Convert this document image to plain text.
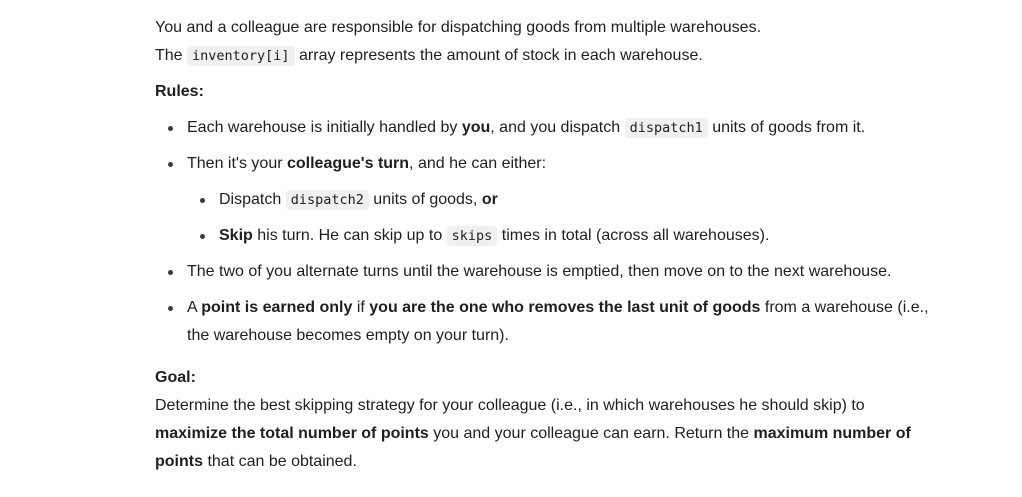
You and a colleague are responsible for dispatching goods from multiple warehouses.

The inventory[i] array represents the amount of stock in each warehouse.

Rules:

Each warehouse is initially handled by you, and you dispatch dispatch1 units of goods from it.
Then it's your colleague's turn, and he can either:
Dispatch dispatch2 units of goods, or
Skip his turn. He can skip up to skips times in total (across all warehouses).
The two of you alternate turns until the warehouse is emptied, then move on to the next warehouse.
A point is earned only if you are the one who removes the last unit of goods from a warehouse (i.e., the warehouse becomes empty on your turn).

Goal:

Determine the best skipping strategy for your colleague (i.e., in which warehouses he should skip) to maximize the total number of points you and your colleague can earn. Return the maximum number of points that can be obtained.
